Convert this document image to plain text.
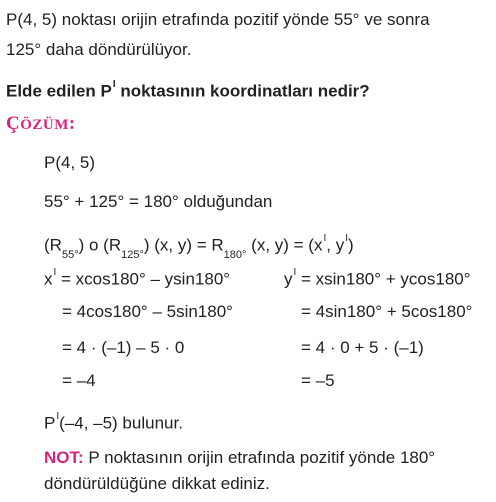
P(4, 5) noktası orijin etrafında pozitif yönde 55° ve sonra
125° daha döndürülüyor.
Elde edilen $P^I$ noktasının koordinatları nedir?
ÇÖZÜM:
P(4, 5)
55° + 125° = 180° olduğundan
$(R_{55^\circ})$ o $(R_{125^\circ})$ (x, $y) = R_{180^\circ}$ (x, $y) = (x^I$, $y^I$)
$x^I = xcos180^\circ - ysin180^\circ$
= 4cos180° – 5sin180°
= 4 · (–1) – 5 · 0
= –4
$y^I = xsin180^\circ + ycos180^\circ$
= 4sin180° + 5cos180°
= 4 · 0 + 5 · (–1)
= –5
$P^I(-4$, –5) bulunur.
NOT: P noktasının orijin etrafında pozitif yönde 180°
döndürüldüğüne dikkat ediniz.
